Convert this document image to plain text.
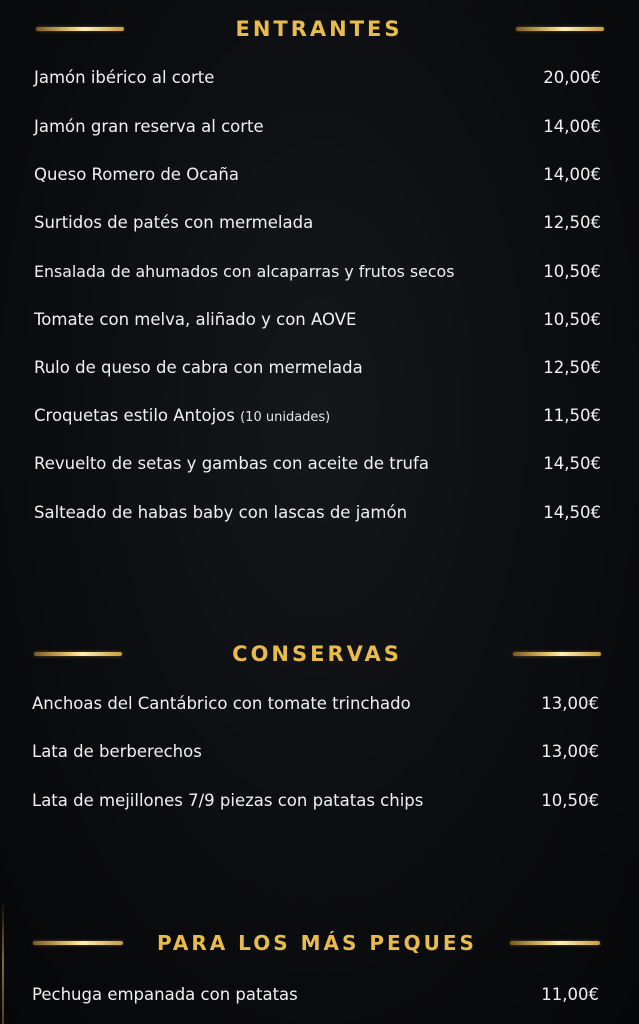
ENTRANTES
Jamón ibérico al corte	20,00€
Jamón gran reserva al corte	14,00€
Queso Romero de Ocaña	14,00€
Surtidos de patés con mermelada	12,50€
Ensalada de ahumados con alcaparras y frutos secos	10,50€
Tomate con melva, aliñado y con AOVE	10,50€
Rulo de queso de cabra con mermelada	12,50€
Croquetas estilo Antojos (10 unidades)	11,50€
Revuelto de setas y gambas con aceite de trufa	14,50€
Salteado de habas baby con lascas de jamón	14,50€
CONSERVAS
Anchoas del Cantábrico con tomate trinchado	13,00€
Lata de berberechos	13,00€
Lata de mejillones 7/9 piezas con patatas chips	10,50€
PARA LOS MÁS PEQUES
Pechuga empanada con patatas	11,00€
